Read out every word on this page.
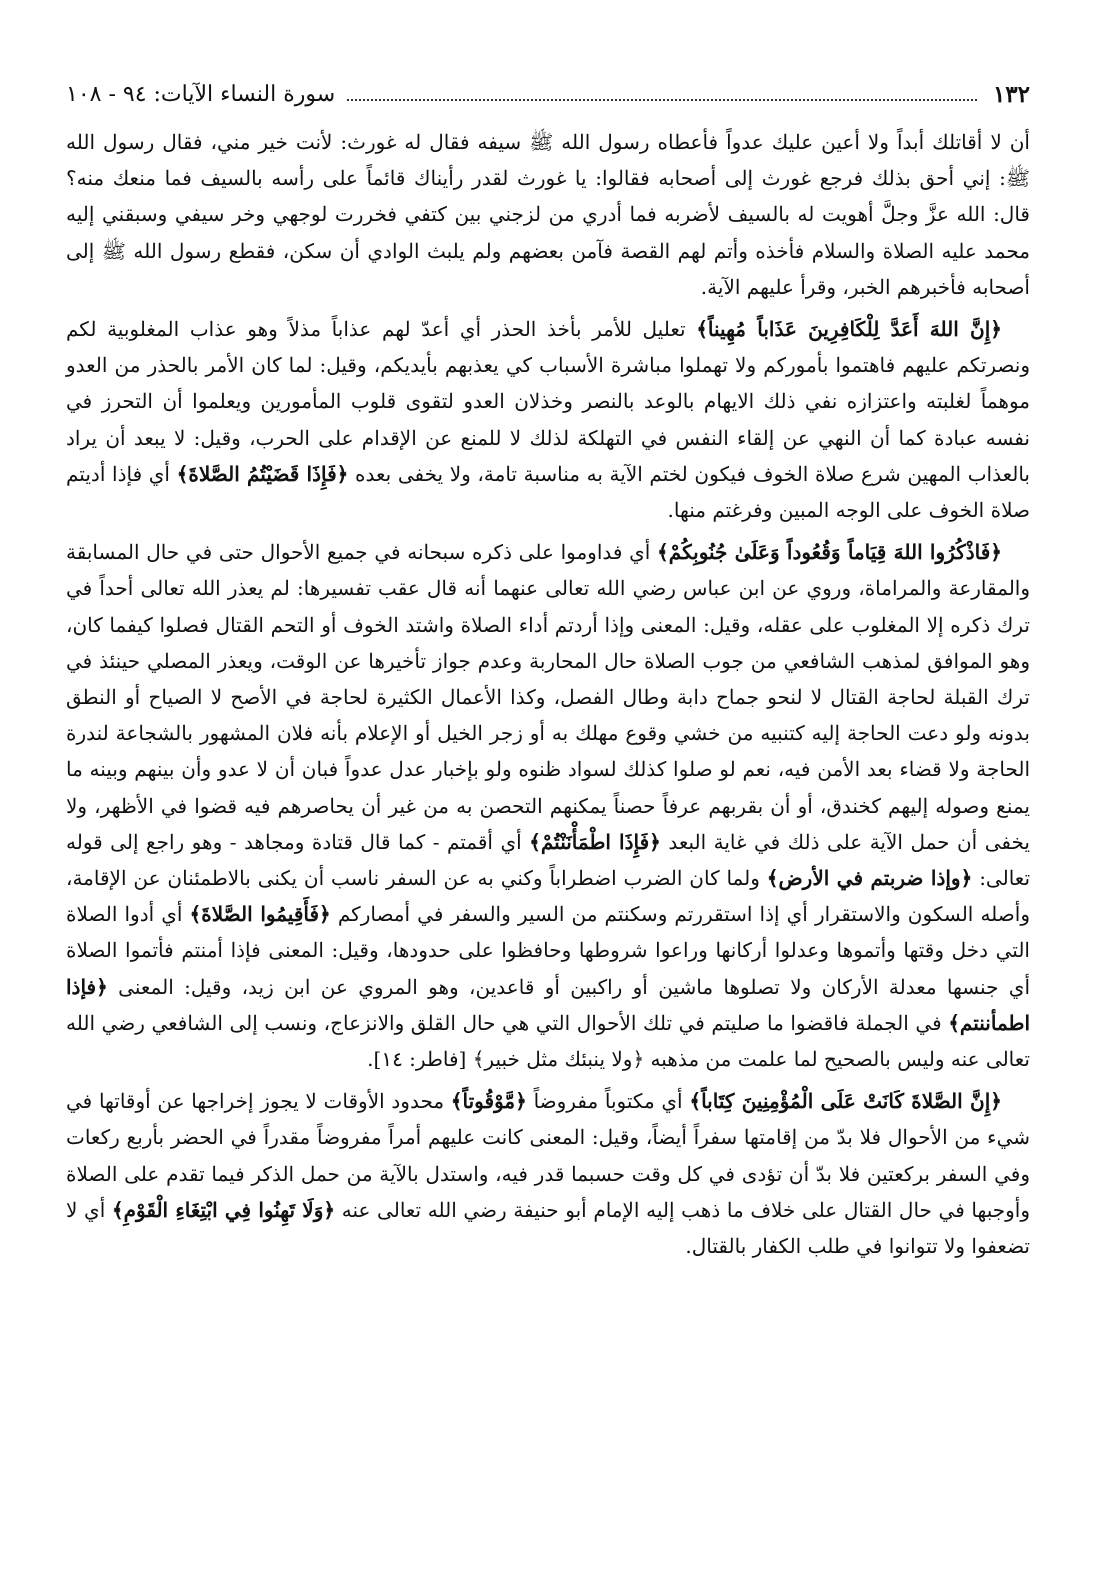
١٣٢
سورة النساء الآيات: ٩٤ - ١٠٨

أن لا أقاتلك أبداً ولا أعين عليك عدواً فأعطاه رسول الله ﷺ سيفه فقال له غورث: لأنت خير مني، فقال رسول الله ﷺ: إني أحق بذلك فرجع غورث إلى أصحابه فقالوا: يا غورث لقدر رأيناك قائماً على رأسه بالسيف فما منعك منه؟ قال: الله عزَّ وجلَّ أهويت له بالسيف لأضربه فما أدري من لزجني بين كتفي فخررت لوجهي وخر سيفي وسبقني إليه محمد عليه الصلاة والسلام فأخذه وأتم لهم القصة فآمن بعضهم ولم يلبث الوادي أن سكن، فقطع رسول الله ﷺ إلى أصحابه فأخبرهم الخبر، وقرأ عليهم الآية.

﴿إِنَّ اللهَ أَعَدَّ لِلْكَافِرِينَ عَذَاباً مُهِيناً﴾ تعليل للأمر بأخذ الحذر أي أعدّ لهم عذاباً مذلاً وهو عذاب المغلوبية لكم ونصرتكم عليهم فاهتموا بأموركم ولا تهملوا مباشرة الأسباب كي يعذبهم بأيديكم، وقيل: لما كان الأمر بالحذر من العدو موهماً لغلبته واعتزازه نفي ذلك الايهام بالوعد بالنصر وخذلان العدو لتقوى قلوب المأمورين ويعلموا أن التحرز في نفسه عبادة كما أن النهي عن إلقاء النفس في التهلكة لذلك لا للمنع عن الإقدام على الحرب، وقيل: لا يبعد أن يراد بالعذاب المهين شرع صلاة الخوف فيكون لختم الآية به مناسبة تامة، ولا يخفى بعده ﴿فَإِذَا قَضَيْتُمُ الصَّلاةَ﴾ أي فإذا أديتم صلاة الخوف على الوجه المبين وفرغتم منها.

﴿فَاذْكُرُوا اللهَ قِيَاماً وَقُعُوداً وَعَلَىٰ جُنُوبِكُمْ﴾ أي فداوموا على ذكره سبحانه في جميع الأحوال حتى في حال المسابقة والمقارعة والمراماة، وروي عن ابن عباس رضي الله تعالى عنهما أنه قال عقب تفسيرها: لم يعذر الله تعالى أحداً في ترك ذكره إلا المغلوب على عقله، وقيل: المعنى وإذا أردتم أداء الصلاة واشتد الخوف أو التحم القتال فصلوا كيفما كان، وهو الموافق لمذهب الشافعي من جوب الصلاة حال المحاربة وعدم جواز تأخيرها عن الوقت، ويعذر المصلي حينئذ في ترك القبلة لحاجة القتال لا لنحو جماح دابة وطال الفصل، وكذا الأعمال الكثيرة لحاجة في الأصح لا الصياح أو النطق بدونه ولو دعت الحاجة إليه كتنبيه من خشي وقوع مهلك به أو زجر الخيل أو الإعلام بأنه فلان المشهور بالشجاعة لندرة الحاجة ولا قضاء بعد الأمن فيه، نعم لو صلوا كذلك لسواد ظنوه ولو بإخبار عدل عدواً فبان أن لا عدو وأن بينهم وبينه ما يمنع وصوله إليهم كخندق، أو أن بقربهم عرفاً حصناً يمكنهم التحصن به من غير أن يحاصرهم فيه قضوا في الأظهر، ولا يخفى أن حمل الآية على ذلك في غاية البعد ﴿فَإِذَا اطْمَأْنَنْتُمْ﴾ أي أقمتم - كما قال قتادة ومجاهد - وهو راجع إلى قوله تعالى: ﴿وإذا ضربتم في الأرض﴾ ولما كان الضرب اضطراباً وكني به عن السفر ناسب أن يكنى بالاطمئنان عن الإقامة، وأصله السكون والاستقرار أي إذا استقررتم وسكنتم من السير والسفر في أمصاركم ﴿فَأَقِيمُوا الصَّلاةَ﴾ أي أدوا الصلاة التي دخل وقتها وأتموها وعدلوا أركانها وراعوا شروطها وحافظوا على حدودها، وقيل: المعنى فإذا أمنتم فأتموا الصلاة أي جنسها معدلة الأركان ولا تصلوها ماشين أو راكبين أو قاعدين، وهو المروي عن ابن زيد، وقيل: المعنى ﴿فإذا اطمأننتم﴾ في الجملة فاقضوا ما صليتم في تلك الأحوال التي هي حال القلق والانزعاج، ونسب إلى الشافعي رضي الله تعالى عنه وليس بالصحيح لما علمت من مذهبه ﴿ولا ينبئك مثل خبير﴾ [فاطر: ١٤].

﴿إِنَّ الصَّلاةَ كَانَتْ عَلَى الْمُؤْمِنِينَ كِتَاباً﴾ أي مكتوباً مفروضاً ﴿مَّوْقُوتاً﴾ محدود الأوقات لا يجوز إخراجها عن أوقاتها في شيء من الأحوال فلا بدّ من إقامتها سفراً أيضاً، وقيل: المعنى كانت عليهم أمراً مفروضاً مقدراً في الحضر بأربع ركعات وفي السفر بركعتين فلا بدّ أن تؤدى في كل وقت حسبما قدر فيه، واستدل بالآية من حمل الذكر فيما تقدم على الصلاة وأوجبها في حال القتال على خلاف ما ذهب إليه الإمام أبو حنيفة رضي الله تعالى عنه ﴿وَلَا تَهِنُوا فِي ابْتِغَاءِ الْقَوْمِ﴾ أي لا تضعفوا ولا تتوانوا في طلب الكفار بالقتال.
